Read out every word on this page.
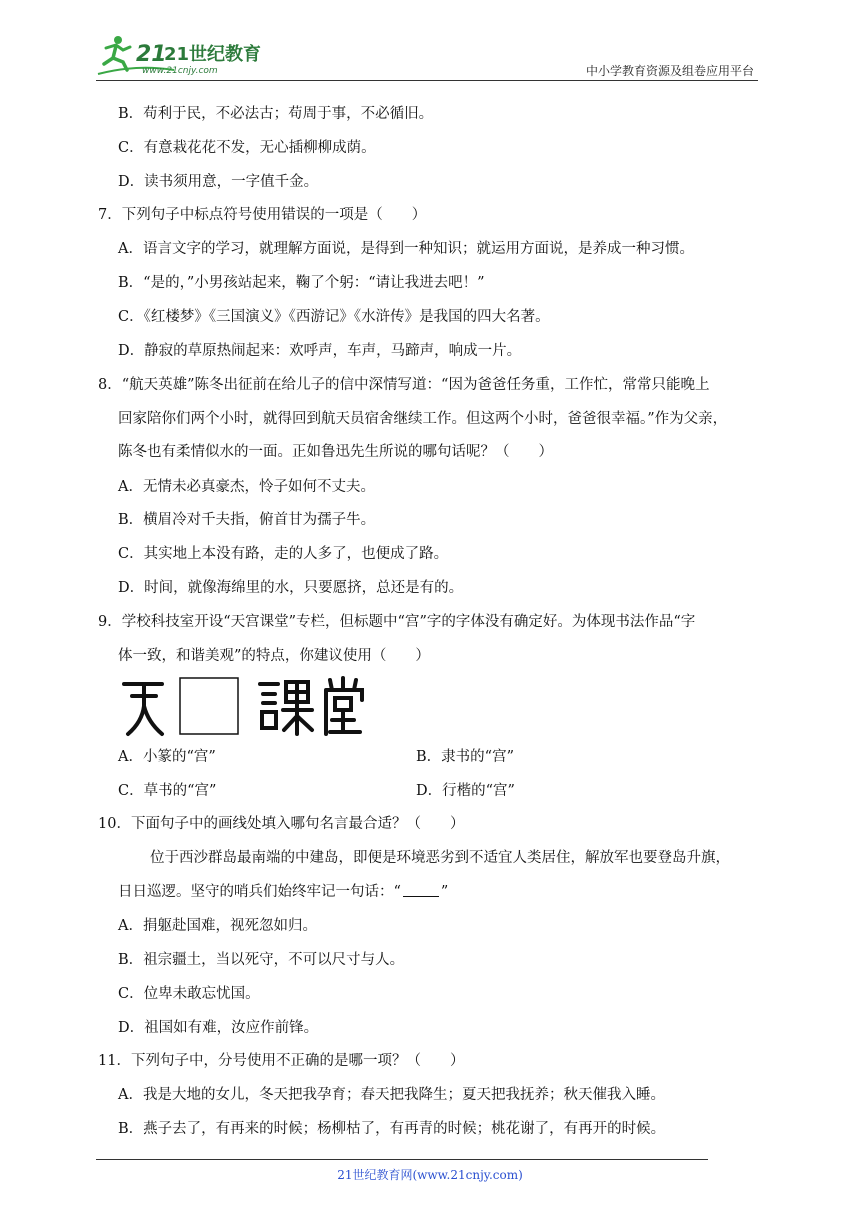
21
21世纪教育
www.21cnjy.com	中小学教育资源及组卷应用平台
B．苟利于民，不必法古；苟周于事，不必循旧。
C．有意栽花花不发，无心插柳柳成荫。
D．读书须用意，一字值千金。
7．下列句子中标点符号使用错误的一项是（　　）
A．语言文字的学习，就理解方面说，是得到一种知识；就运用方面说，是养成一种习惯。
B．“是的，”小男孩站起来，鞠了个躬：“请让我进去吧！”
C．《红楼梦》《三国演义》《西游记》《水浒传》是我国的四大名著。
D．静寂的草原热闹起来：欢呼声，车声，马蹄声，响成一片。
8．“航天英雄”陈冬出征前在给儿子的信中深情写道：“因为爸爸任务重，工作忙，常常只能晚上
回家陪你们两个小时，就得回到航天员宿舍继续工作。但这两个小时，爸爸很幸福。”作为父亲，
陈冬也有柔情似水的一面。正如鲁迅先生所说的哪句话呢？（　　）
A．无情未必真豪杰，怜子如何不丈夫。
B．横眉冷对千夫指，俯首甘为孺子牛。
C．其实地上本没有路，走的人多了，也便成了路。
D．时间，就像海绵里的水，只要愿挤，总还是有的。
9．学校科技室开设“天宫课堂”专栏，但标题中“宫”字的字体没有确定好。为体现书法作品“字
体一致，和谐美观”的特点，你建议使用（　　）
A．小篆的“宫”	B．隶书的“宫”
C．草书的“宫”	D．行楷的“宫”
10．下面句子中的画线处填入哪句名言最合适？（　　）
位于西沙群岛最南端的中建岛，即便是环境恶劣到不适宜人类居住，解放军也要登岛升旗，
日日巡逻。坚守的哨兵们始终牢记一句话：“	”
A．捐躯赴国难，视死忽如归。
B．祖宗疆土，当以死守，不可以尺寸与人。
C．位卑未敢忘忧国。
D．祖国如有难，汝应作前锋。
11．下列句子中，分号使用不正确的是哪一项？（　　）
A．我是大地的女儿，冬天把我孕育；春天把我降生；夏天把我抚养；秋天催我入睡。
B．燕子去了，有再来的时候；杨柳枯了，有再青的时候；桃花谢了，有再开的时候。
21世纪教育网(www.21cnjy.com)
